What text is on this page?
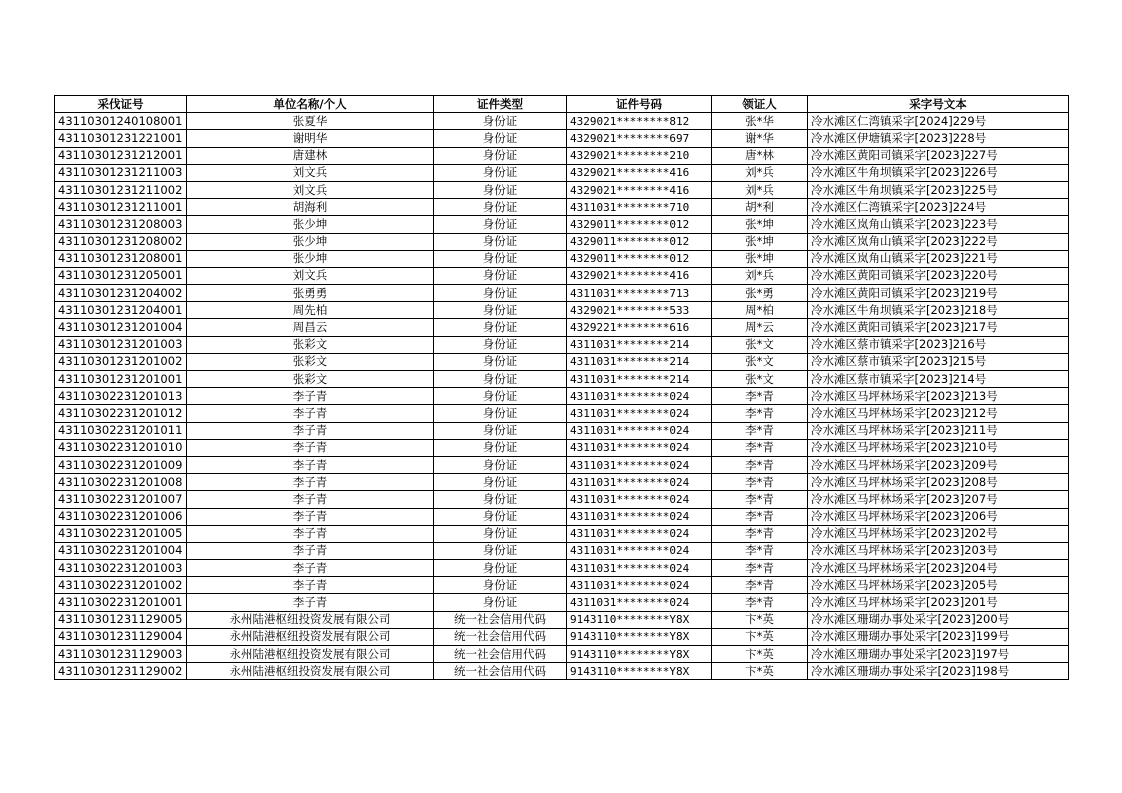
采伐证号	单位名称/个人	证件类型	证件号码	领证人	采字号文本
43110301240108001	张夏华	身份证	4329021********812	张*华	冷水滩区仁湾镇采字[2024]229号
43110301231221001	谢明华	身份证	4329021********697	谢*华	冷水滩区伊塘镇采字[2023]228号
43110301231212001	唐建林	身份证	4329021********210	唐*林	冷水滩区黄阳司镇采字[2023]227号
43110301231211003	刘文兵	身份证	4329021********416	刘*兵	冷水滩区牛角坝镇采字[2023]226号
43110301231211002	刘文兵	身份证	4329021********416	刘*兵	冷水滩区牛角坝镇采字[2023]225号
43110301231211001	胡海利	身份证	4311031********710	胡*利	冷水滩区仁湾镇采字[2023]224号
43110301231208003	张少坤	身份证	4329011********012	张*坤	冷水滩区岚角山镇采字[2023]223号
43110301231208002	张少坤	身份证	4329011********012	张*坤	冷水滩区岚角山镇采字[2023]222号
43110301231208001	张少坤	身份证	4329011********012	张*坤	冷水滩区岚角山镇采字[2023]221号
43110301231205001	刘文兵	身份证	4329021********416	刘*兵	冷水滩区黄阳司镇采字[2023]220号
43110301231204002	张勇勇	身份证	4311031********713	张*勇	冷水滩区黄阳司镇采字[2023]219号
43110301231204001	周先柏	身份证	4329021********533	周*柏	冷水滩区牛角坝镇采字[2023]218号
43110301231201004	周昌云	身份证	4329221********616	周*云	冷水滩区黄阳司镇采字[2023]217号
43110301231201003	张彩文	身份证	4311031********214	张*文	冷水滩区蔡市镇采字[2023]216号
43110301231201002	张彩文	身份证	4311031********214	张*文	冷水滩区蔡市镇采字[2023]215号
43110301231201001	张彩文	身份证	4311031********214	张*文	冷水滩区蔡市镇采字[2023]214号
43110302231201013	李子青	身份证	4311031********024	李*青	冷水滩区马坪林场采字[2023]213号
43110302231201012	李子青	身份证	4311031********024	李*青	冷水滩区马坪林场采字[2023]212号
43110302231201011	李子青	身份证	4311031********024	李*青	冷水滩区马坪林场采字[2023]211号
43110302231201010	李子青	身份证	4311031********024	李*青	冷水滩区马坪林场采字[2023]210号
43110302231201009	李子青	身份证	4311031********024	李*青	冷水滩区马坪林场采字[2023]209号
43110302231201008	李子青	身份证	4311031********024	李*青	冷水滩区马坪林场采字[2023]208号
43110302231201007	李子青	身份证	4311031********024	李*青	冷水滩区马坪林场采字[2023]207号
43110302231201006	李子青	身份证	4311031********024	李*青	冷水滩区马坪林场采字[2023]206号
43110302231201005	李子青	身份证	4311031********024	李*青	冷水滩区马坪林场采字[2023]202号
43110302231201004	李子青	身份证	4311031********024	李*青	冷水滩区马坪林场采字[2023]203号
43110302231201003	李子青	身份证	4311031********024	李*青	冷水滩区马坪林场采字[2023]204号
43110302231201002	李子青	身份证	4311031********024	李*青	冷水滩区马坪林场采字[2023]205号
43110302231201001	李子青	身份证	4311031********024	李*青	冷水滩区马坪林场采字[2023]201号
43110301231129005	永州陆港枢纽投资发展有限公司	统一社会信用代码	9143110********Y8X	卞*英	冷水滩区珊瑚办事处采字[2023]200号
43110301231129004	永州陆港枢纽投资发展有限公司	统一社会信用代码	9143110********Y8X	卞*英	冷水滩区珊瑚办事处采字[2023]199号
43110301231129003	永州陆港枢纽投资发展有限公司	统一社会信用代码	9143110********Y8X	卞*英	冷水滩区珊瑚办事处采字[2023]197号
43110301231129002	永州陆港枢纽投资发展有限公司	统一社会信用代码	9143110********Y8X	卞*英	冷水滩区珊瑚办事处采字[2023]198号
